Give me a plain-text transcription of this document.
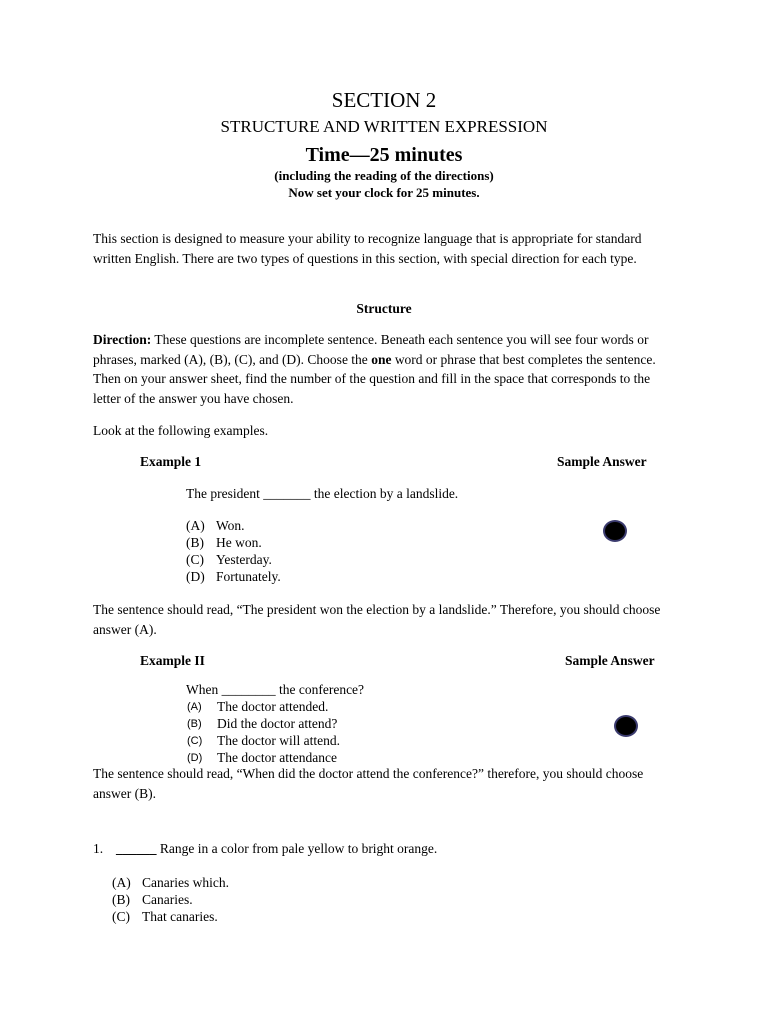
SECTION 2
STRUCTURE AND WRITTEN EXPRESSION
Time—25 minutes
(including the reading of the directions)
Now set your clock for 25 minutes.
This section is designed to measure your ability to recognize language that is appropriate for standard written English. There are two types of questions in this section, with special direction for each type.
Structure
Direction: These questions are incomplete sentence. Beneath each sentence you will see four words or phrases, marked (A), (B), (C), and (D). Choose the one word or phrase that best completes the sentence. Then on your answer sheet, find the number of the question and fill in the space that corresponds to the letter of the answer you have chosen.
Look at the following examples.
Example 1	Sample Answer
The president _______ the election by a landslide.
(A) Won.
(B) He won.
(C) Yesterday.
(D) Fortunately.
The sentence should read, “The president won the election by a landslide.” Therefore, you should choose answer (A).
Example II	Sample Answer
When ________ the conference?
(A) The doctor attended.
(B) Did the doctor attend?
(C) The doctor will attend.
(D) The doctor attendance
The sentence should read, “When did the doctor attend the conference?” therefore, you should choose answer (B).
1. ______ Range in a color from pale yellow to bright orange.
(A) Canaries which.
(B) Canaries.
(C) That canaries.
